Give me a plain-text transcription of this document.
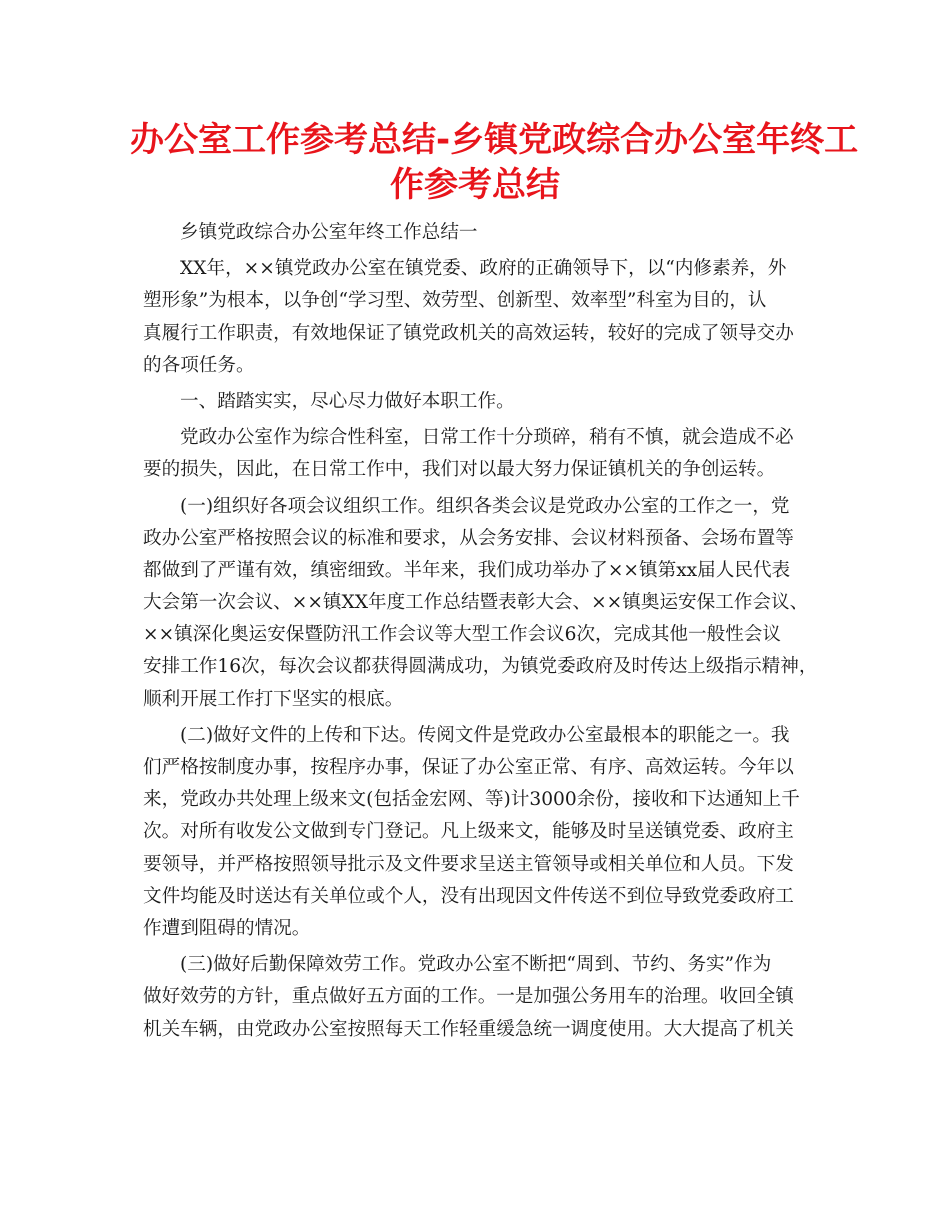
办公室工作参考总结-乡镇党政综合办公室年终工
作参考总结
乡镇党政综合办公室年终工作总结一
XX年，××镇党政办公室在镇党委、政府的正确领导下，以“内修素养，外
塑形象”为根本，以争创“学习型、效劳型、创新型、效率型”科室为目的，认
真履行工作职责，有效地保证了镇党政机关的高效运转，较好的完成了领导交办
的各项任务。
一、踏踏实实，尽心尽力做好本职工作。
党政办公室作为综合性科室，日常工作十分琐碎，稍有不慎，就会造成不必
要的损失，因此，在日常工作中，我们对以最大努力保证镇机关的争创运转。
(一)组织好各项会议组织工作。组织各类会议是党政办公室的工作之一，党
政办公室严格按照会议的标准和要求，从会务安排、会议材料预备、会场布置等
都做到了严谨有效，缜密细致。半年来，我们成功举办了××镇第xx届人民代表
大会第一次会议、××镇XX年度工作总结暨表彰大会、××镇奥运安保工作会议、
××镇深化奥运安保暨防汛工作会议等大型工作会议6次，完成其他一般性会议
安排工作16次，每次会议都获得圆满成功，为镇党委政府及时传达上级指示精神，
顺利开展工作打下坚实的根底。
(二)做好文件的上传和下达。传阅文件是党政办公室最根本的职能之一。我
们严格按制度办事，按程序办事，保证了办公室正常、有序、高效运转。今年以
来，党政办共处理上级来文(包括金宏网、等)计3000余份，接收和下达通知上千
次。对所有收发公文做到专门登记。凡上级来文，能够及时呈送镇党委、政府主
要领导，并严格按照领导批示及文件要求呈送主管领导或相关单位和人员。下发
文件均能及时送达有关单位或个人，没有出现因文件传送不到位导致党委政府工
作遭到阻碍的情况。
(三)做好后勤保障效劳工作。党政办公室不断把“周到、节约、务实”作为
做好效劳的方针，重点做好五方面的工作。一是加强公务用车的治理。收回全镇
机关车辆，由党政办公室按照每天工作轻重缓急统一调度使用。大大提高了机关
